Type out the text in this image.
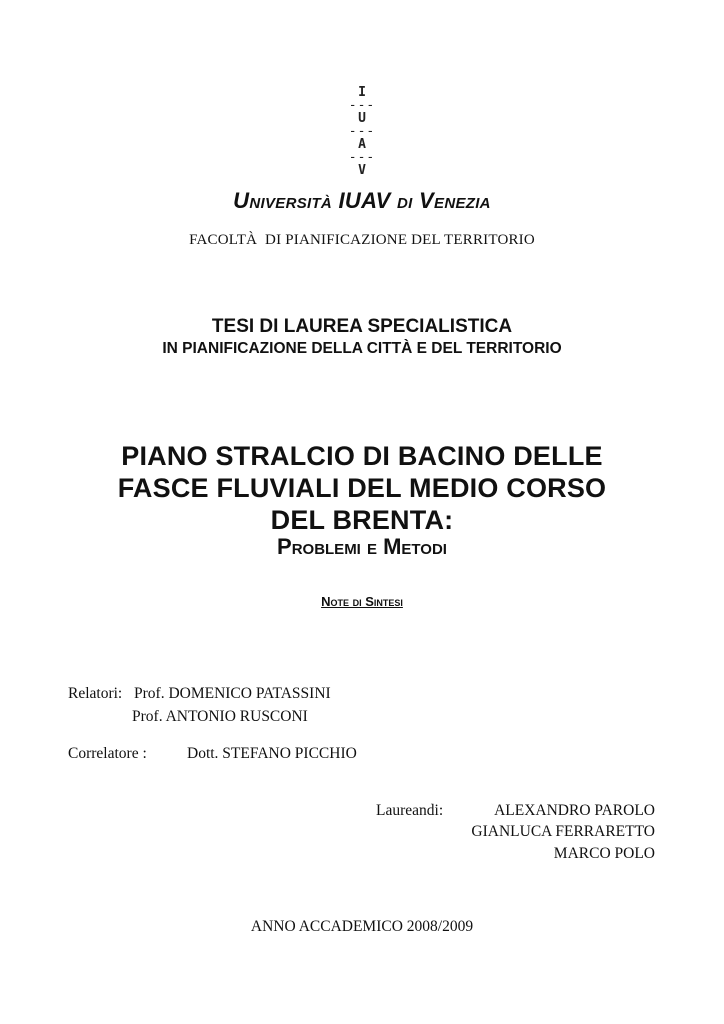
I
---
U
---
A
---
V
Università IUAV di Venezia
FACOLTÀ  DI PIANIFICAZIONE DEL TERRITORIO
TESI DI LAUREA SPECIALISTICA
IN PIANIFICAZIONE DELLA CITTÀ E DEL TERRITORIO
PIANO STRALCIO DI BACINO DELLE
FASCE FLUVIALI DEL MEDIO CORSO
DEL BRENTA:
Problemi e Metodi
Note di Sintesi
Relatori: Prof. DOMENICO PATASSINI
Prof. ANTONIO RUSCONI
Correlatore :	Dott. STEFANO PICCHIO
Laureandi:	ALEXANDRO PAROLO
GIANLUCA FERRARETTO
MARCO POLO
ANNO ACCADEMICO 2008/2009
